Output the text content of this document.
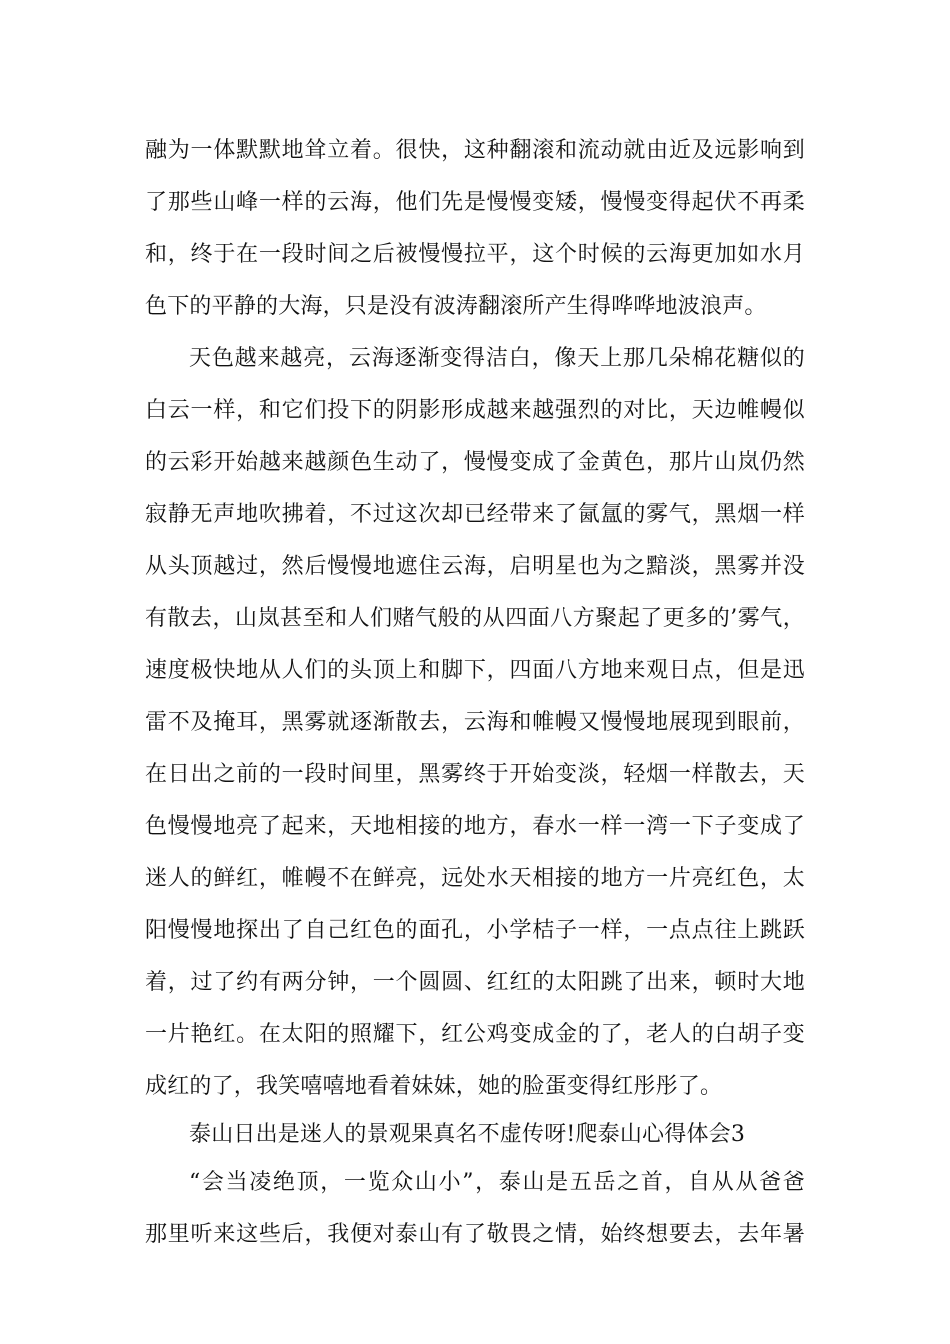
融为一体默默地耸立着。很快，这种翻滚和流动就由近及远影响到
了那些山峰一样的云海，他们先是慢慢变矮，慢慢变得起伏不再柔
和，终于在一段时间之后被慢慢拉平，这个时候的云海更加如水月
色下的平静的大海，只是没有波涛翻滚所产生得哗哗地波浪声。
天色越来越亮，云海逐渐变得洁白，像天上那几朵棉花糖似的
白云一样，和它们投下的阴影形成越来越强烈的对比，天边帷幔似
的云彩开始越来越颜色生动了，慢慢变成了金黄色，那片山岚仍然
寂静无声地吹拂着，不过这次却已经带来了氤氲的雾气，黑烟一样
从头顶越过，然后慢慢地遮住云海，启明星也为之黯淡，黑雾并没
有散去，山岚甚至和人们赌气般的从四面八方聚起了更多的’雾气，
速度极快地从人们的头顶上和脚下，四面八方地来观日点，但是迅
雷不及掩耳，黑雾就逐渐散去，云海和帷幔又慢慢地展现到眼前，
在日出之前的一段时间里，黑雾终于开始变淡，轻烟一样散去，天
色慢慢地亮了起来，天地相接的地方，春水一样一湾一下子变成了
迷人的鲜红，帷幔不在鲜亮，远处水天相接的地方一片亮红色，太
阳慢慢地探出了自己红色的面孔，小学桔子一样，一点点往上跳跃
着，过了约有两分钟，一个圆圆、红红的太阳跳了出来，顿时大地
一片艳红。在太阳的照耀下，红公鸡变成金的了，老人的白胡子变
成红的了，我笑嘻嘻地看着妹妹，她的脸蛋变得红彤彤了。
泰山日出是迷人的景观果真名不虚传呀!爬泰山心得体会3
“会当凌绝顶，一览众山小”，泰山是五岳之首，自从从爸爸
那里听来这些后，我便对泰山有了敬畏之情，始终想要去，去年暑
